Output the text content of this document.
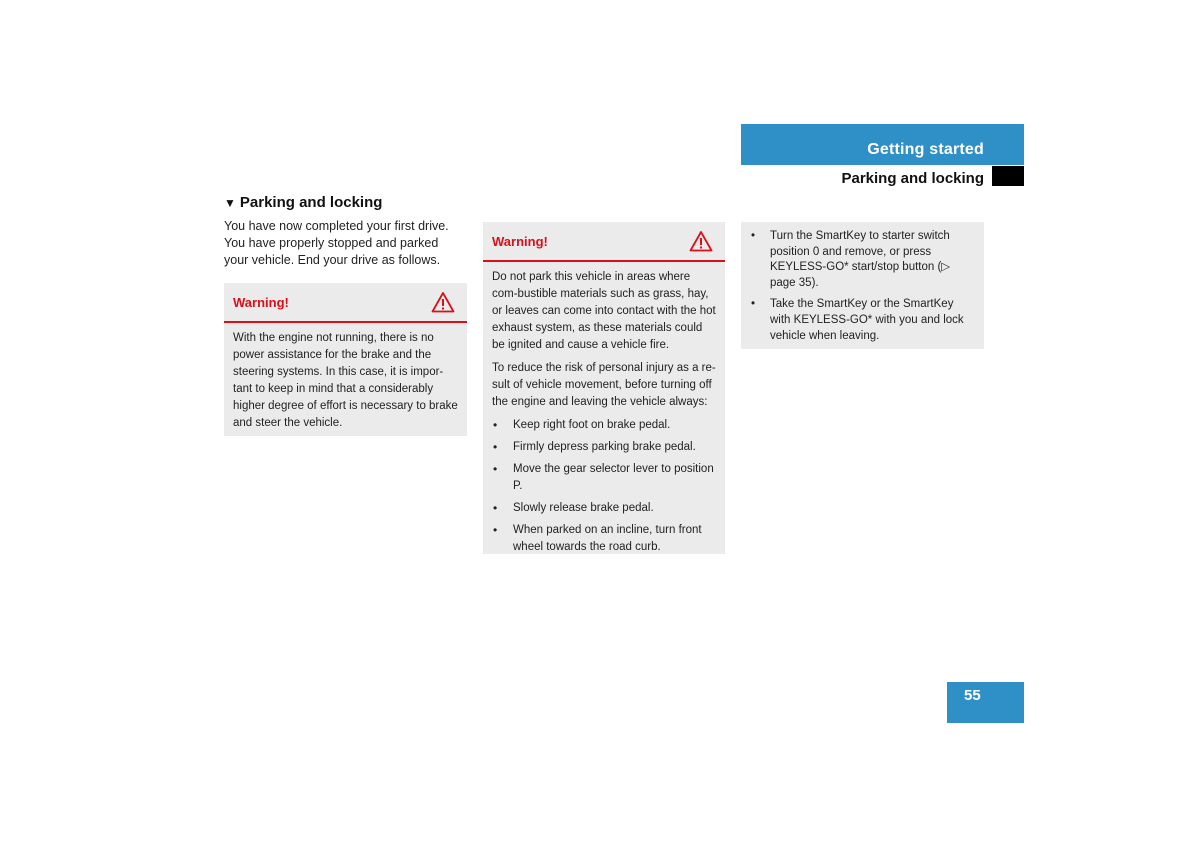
Getting started
Parking and locking
▼ Parking and locking
You have now completed your first drive. You have properly stopped and parked your vehicle. End your drive as follows.
Warning!

With the engine not running, there is no power assistance for the brake and the steering systems. In this case, it is impor-tant to keep in mind that a considerably higher degree of effort is necessary to brake and steer the vehicle.

Warning!

Do not park this vehicle in areas where com-bustible materials such as grass, hay, or leaves can come into contact with the hot exhaust system, as these materials could be ignited and cause a vehicle fire.

To reduce the risk of personal injury as a re-sult of vehicle movement, before turning off the engine and leaving the vehicle always:

• Keep right foot on brake pedal.
• Firmly depress parking brake pedal.
• Move the gear selector lever to position P.
• Slowly release brake pedal.
• When parked on an incline, turn front wheel towards the road curb.
• Turn the SmartKey to starter switch position 0 and remove, or press KEYLESS-GO* start/stop button (▷ page 35).
• Take the SmartKey or the SmartKey with KEYLESS-GO* with you and lock vehicle when leaving.
55
